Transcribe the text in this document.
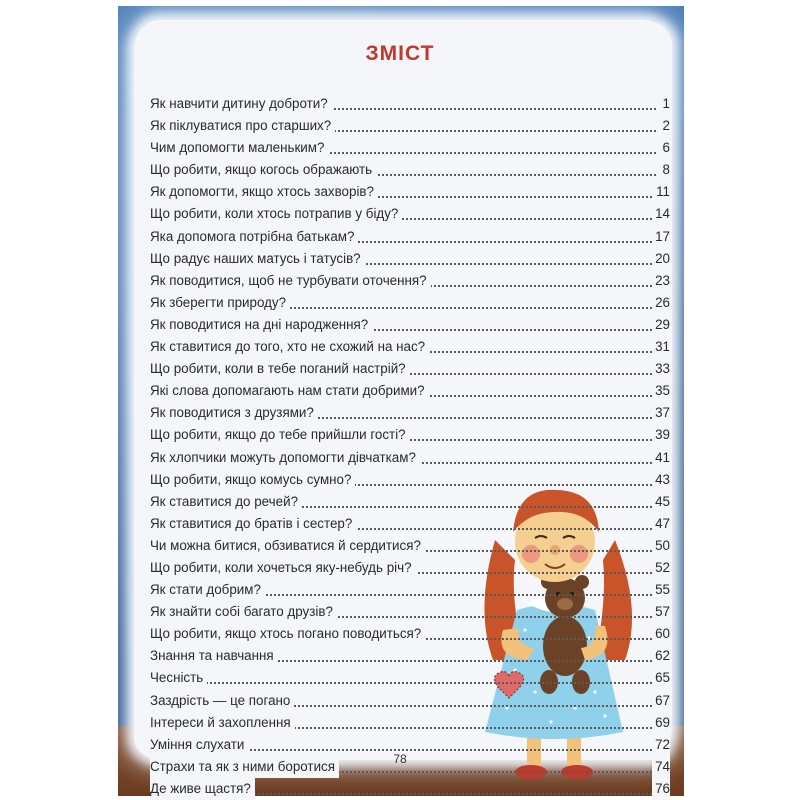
ЗМІСТ
Як навчити дитину доброти?	1
Як піклуватися про старших?	2
Чим допомогти маленьким?	6
Що робити, якщо когось ображають	8
Як допомогти, якщо хтось захворів?	11
Що робити, коли хтось потрапив у біду?	14
Яка допомога потрібна батькам?	17
Що радує наших матусь і татусів?	20
Як поводитися, щоб не турбувати оточення?	23
Як зберегти природу?	26
Як поводитися на дні народження?	29
Як ставитися до того, хто не схожий на нас?	31
Що робити, коли в тебе поганий настрій?	33
Які слова допомагають нам стати добрими?	35
Як поводитися з друзями?	37
Що робити, якщо до тебе прийшли гості?	39
Як хлопчики можуть допомогти дівчаткам?	41
Що робити, якщо комусь сумно?	43
Як ставитися до речей?	45
Як ставитися до братів і сестер?	47
Чи можна битися, обзиватися й сердитися?	50
Що робити, коли хочеться яку-небудь річ?	52
Як стати добрим?	55
Як знайти собі багато друзів?	57
Що робити, якщо хтось погано поводиться?	60
Знання та навчання	62
Чесність	65
Заздрість — це погано	67
Інтереси й захоплення	69
Уміння слухати	72
Страхи та як з ними боротися	74
Де живе щастя?	76
78
